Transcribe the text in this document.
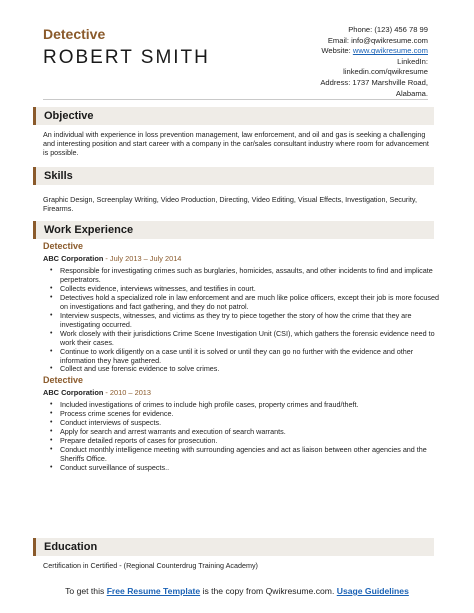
Detective
ROBERT SMITH
Phone: (123) 456 78 99
Email: info@qwikresume.com
Website: www.qwikresume.com
LinkedIn:
linkedin.com/qwikresume
Address: 1737 Marshville Road,
Alabama.
Objective
An individual with experience in loss prevention management, law enforcement, and oil and gas is seeking a challenging and interesting position and start career with a company in the car/sales consultant industry where room for advancement is possible.
Skills
Graphic Design, Screenplay Writing, Video Production, Directing, Video Editing, Visual Effects, Investigation, Security, Firearms.
Work Experience
Detective
ABC Corporation - July 2013 – July 2014
• Responsible for investigating crimes such as burglaries, homicides, assaults, and other incidents to find and implicate perpetrators.
• Collects evidence, interviews witnesses, and testifies in court.
• Detectives hold a specialized role in law enforcement and are much like police officers, except their job is more focused on investigations and fact gathering, and they do not patrol.
• Interview suspects, witnesses, and victims as they try to piece together the story of how the crime that they are investigating occurred.
• Work closely with their jurisdictions Crime Scene Investigation Unit (CSI), which gathers the forensic evidence need to work their cases.
• Continue to work diligently on a case until it is solved or until they can go no further with the evidence and other information they have gathered.
• Collect and use forensic evidence to solve crimes.
Detective
ABC Corporation - 2010 – 2013
• Included investigations of crimes to include high profile cases, property crimes and fraud/theft.
• Process crime scenes for evidence.
• Conduct interviews of suspects.
• Apply for search and arrest warrants and execution of search warrants.
• Prepare detailed reports of cases for prosecution.
• Conduct monthly intelligence meeting with surrounding agencies and act as liaison between other agencies and the Sheriffs Office.
• Conduct surveillance of suspects..
Education
Certification in Certified - (Regional Counterdrug Training Academy)
To get this Free Resume Template is the copy from Qwikresume.com. Usage Guidelines
